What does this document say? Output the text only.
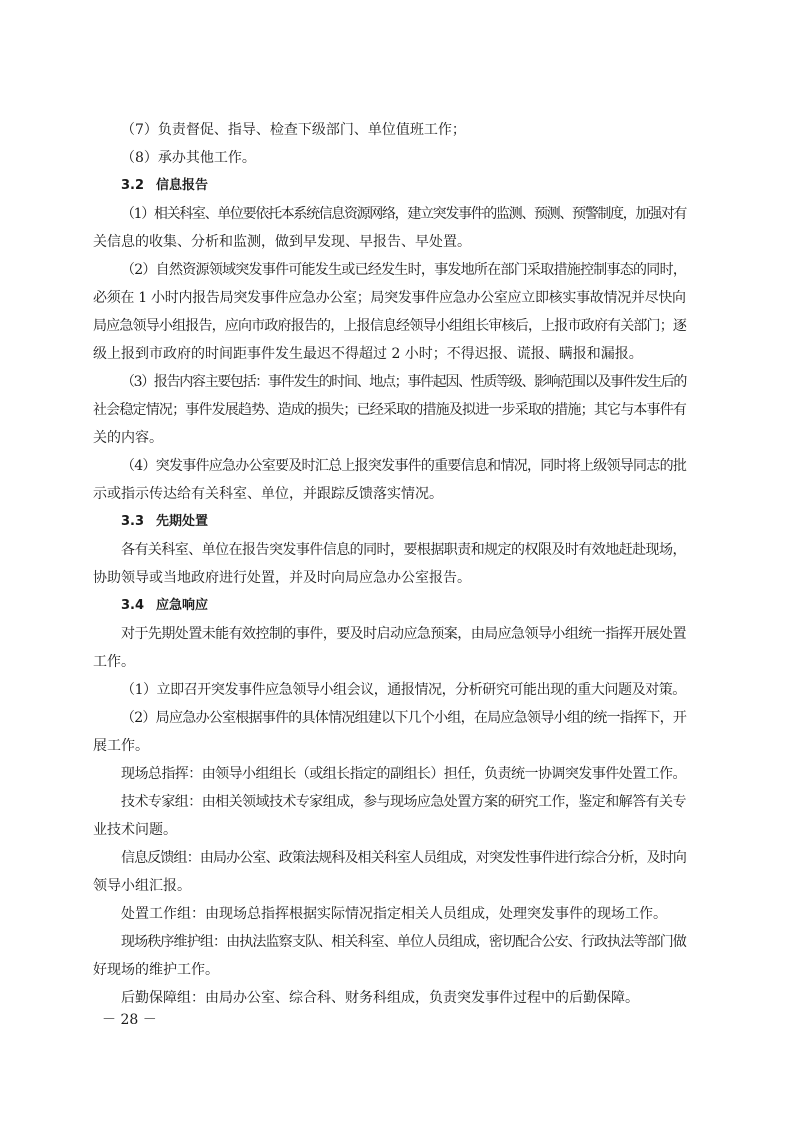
（7）负责督促、指导、检查下级部门、单位值班工作；
（8）承办其他工作。
3.2 信息报告
（1）相关科室、单位要依托本系统信息资源网络，建立突发事件的监测、预测、预警制度，加强对有
关信息的收集、分析和监测，做到早发现、早报告、早处置。
（2）自然资源领域突发事件可能发生或已经发生时，事发地所在部门采取措施控制事态的同时，
必须在 1 小时内报告局突发事件应急办公室；局突发事件应急办公室应立即核实事故情况并尽快向
局应急领导小组报告，应向市政府报告的，上报信息经领导小组组长审核后，上报市政府有关部门；逐
级上报到市政府的时间距事件发生最迟不得超过 2 小时；不得迟报、谎报、瞒报和漏报。
（3）报告内容主要包括：事件发生的时间、地点；事件起因、性质等级、影响范围以及事件发生后的
社会稳定情况；事件发展趋势、造成的损失；已经采取的措施及拟进一步采取的措施；其它与本事件有
关的内容。
（4）突发事件应急办公室要及时汇总上报突发事件的重要信息和情况，同时将上级领导同志的批
示或指示传达给有关科室、单位，并跟踪反馈落实情况。
3.3 先期处置
各有关科室、单位在报告突发事件信息的同时，要根据职责和规定的权限及时有效地赶赴现场，
协助领导或当地政府进行处置，并及时向局应急办公室报告。
3.4 应急响应
对于先期处置未能有效控制的事件，要及时启动应急预案，由局应急领导小组统一指挥开展处置
工作。
（1）立即召开突发事件应急领导小组会议，通报情况，分析研究可能出现的重大问题及对策。
（2）局应急办公室根据事件的具体情况组建以下几个小组，在局应急领导小组的统一指挥下，开
展工作。
现场总指挥：由领导小组组长（或组长指定的副组长）担任，负责统一协调突发事件处置工作。
技术专家组：由相关领域技术专家组成，参与现场应急处置方案的研究工作，鉴定和解答有关专
业技术问题。
信息反馈组：由局办公室、政策法规科及相关科室人员组成，对突发性事件进行综合分析，及时向
领导小组汇报。
处置工作组：由现场总指挥根据实际情况指定相关人员组成，处理突发事件的现场工作。
现场秩序维护组：由执法监察支队、相关科室、单位人员组成，密切配合公安、行政执法等部门做
好现场的维护工作。
后勤保障组：由局办公室、综合科、财务科组成，负责突发事件过程中的后勤保障。
－ 28 －
